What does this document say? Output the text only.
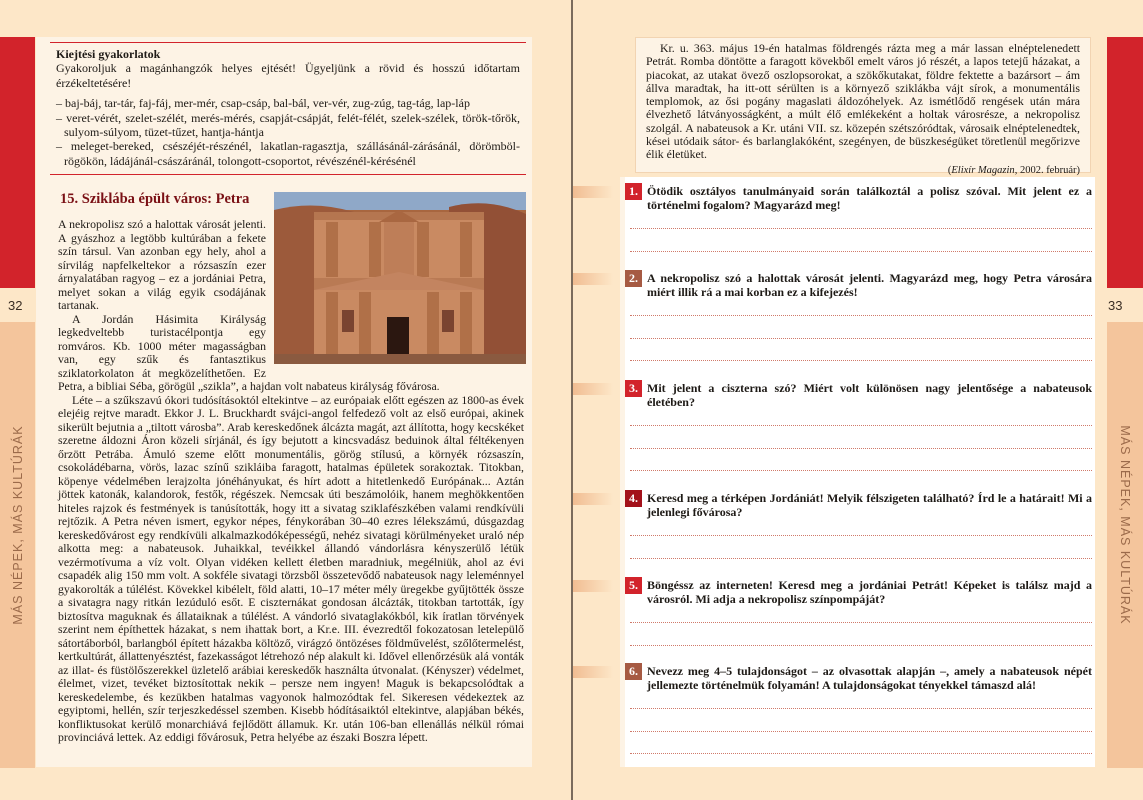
32
MÁS NÉPEK, MÁS KULTÚRÁK
Kiejtési gyakorlatok
Gyakoroljuk a magánhangzók helyes ejtését! Ügyeljünk a rövid és hosszú időtartam érzékeltetésére!
– baj-báj, tar-tár, faj-fáj, mer-mér, csap-csáp, bal-bál, ver-vér, zug-zúg, tag-tág, lap-láp
– veret-vérét, szelet-szélét, merés-mérés, csapját-csápját, felét-félét, szelek-szélek, török-tőrök, sulyom-súlyom, tüzet-tűzet, hantja-hántja
– meleget-bereked, csészéjét-részénél, lakatlan-ragasztja, szállásánál-zárásánál, dörömböl-rögökön, ládájánál-császáránál, tolongott-csoportot, révészénél-kérésénél
15. Sziklába épült város: Petra

A nekropolisz szó a halottak városát jelenti. A gyászhoz a legtöbb kultúrában a fekete szín társul. Van azonban egy hely, ahol a sírvilág napfelkeltekor a rózsaszín ezer árnyalatában ragyog – ez a jordániai Petra, melyet sokan a világ egyik csodájának tartanak.

A Jordán Hásimita Királyság legkedveltebb turistacélpontja egy romváros. Kb. 1000 méter magasságban van, egy szűk és fantasztikus sziklatorkolaton át megközelíthetően. Ez Petra, a bibliai Séba, görögül „szikla”, a hajdan volt nabateus királyság fővárosa.

Léte – a szűkszavú ókori tudósításoktól eltekintve – az európaiak előtt egészen az 1800-as évek elejéig rejtve maradt. Ekkor J. L. Bruckhardt svájci-angol felfedező volt az első európai, akinek sikerült bejutnia a „tiltott városba”. Arab kereskedőnek álcázta magát, azt állította, hogy kecskéket szeretne áldozni Áron közeli sírjánál, és így bejutott a kincsvadász beduinok által féltékenyen őrzött Petrába. Ámuló szeme előtt monumentális, görög stílusú, a környék rózsaszín, csokoládébarna, vörös, lazac színű szikláiba faragott, hatalmas épületek sorakoztak. Titokban, köpenye védelmében lerajzolta jónéhányukat, és hírt adott a hitetlenkedő Európának... Aztán jöttek katonák, kalandorok, festők, régészek. Nemcsak úti beszámolóik, hanem meghökkentően hiteles rajzok és festmények is tanúsították, hogy itt a sivatag sziklafészkében valami rendkívüli rejtőzik. A Petra néven ismert, egykor népes, fénykorában 30–40 ezres lélekszámú, dúsgazdag kereskedővárost egy rendkívüli alkalmazkodóképességű, nehéz sivatagi körülményeket uraló nép alkotta meg: a nabateusok. Juhaikkal, tevéikkel állandó vándorlásra kényszerülő létük vezérmotívuma a víz volt. Olyan vidéken kellett életben maradniuk, megélniük, ahol az évi csapadék alig 150 mm volt. A sokféle sivatagi törzsből összetevődő nabateusok nagy leleménnyel gyakorolták a túlélést. Kövekkel kibélelt, föld alatti, 10–17 méter mély üregekbe gyűjtötték össze a sivatagra nagy ritkán lezúduló esőt. E ciszternákat gondosan álcázták, titokban tartották, így biztosítva maguknak és állataiknak a túlélést. A vándorló sivataglakókból, kik íratlan törvények szerint nem építhettek házakat, s nem ihattak bort, a Kr.e. III. évezredtől fokozatosan letelepülő sátortáborból, barlangból épített házakba költöző, virágzó öntözéses földművelést, szőlőtermelést, kertkultúrát, állattenyésztést, fazekasságot létrehozó nép alakult ki. Idővel ellenőrzésük alá vonták az illat- és füstölőszerekkel üzletelő arábiai kereskedők használta útvonalat. (Kényszer) védelmet, élelmet, vizet, tevéket biztosítottak nekik – persze nem ingyen! Maguk is bekapcsolódtak a kereskedelembe, és kezükben hatalmas vagyonok halmozódtak fel. Sikeresen védekeztek az egyiptomi, hellén, szír terjeszkedéssel szemben. Kisebb hódításaiktól eltekintve, alapjában békés, konfliktusokat kerülő monarchiává fejlődött államuk. Kr. után 106-ban ellenállás nélkül római provinciává lettek. Az eddigi fővárosuk, Petra helyébe az északi Boszra lépett.

33
MÁS NÉPEK, MÁS KULTÚRÁK

Kr. u. 363. május 19-én hatalmas földrengés rázta meg a már lassan elnéptelenedett Petrát. Romba döntötte a faragott kövekből emelt város jó részét, a lapos tetejű házakat, a piacokat, az utakat övező oszlopsorokat, a szökőkutakat, földre fektette a bazársort – ám állva maradtak, ha itt-ott sérülten is a környező sziklákba vájt sírok, a monumentális templomok, az ősi pogány magaslati áldozóhelyek. Az ismétlődő rengések után mára élvezhető látványosságként, a múlt élő emlékeként a holtak városrésze, a nekropolisz szolgál. A nabateusok a Kr. utáni VII. sz. közepén szétszóródtak, városaik elnéptelenedtek, kései utódaik sátor- és barlanglakóként, szegényen, de büszkeségüket töretlenül megőrizve élik életüket.

(Elixír Magazin, 2002. február)
1. Ötödik osztályos tanulmányaid során találkoztál a polisz szóval. Mit jelent ez a történelmi fogalom? Magyarázd meg!
2. A nekropolisz szó a halottak városát jelenti. Magyarázd meg, hogy Petra városára miért illik rá a mai korban ez a kifejezés!
3. Mit jelent a ciszterna szó? Miért volt különösen nagy jelentősége a nabateusok életében?
4. Keresd meg a térképen Jordániát! Melyik félszigeten található? Írd le a határait! Mi a jelenlegi fővárosa?
5. Böngéssz az interneten! Keresd meg a jordániai Petrát! Képeket is találsz majd a városról. Mi adja a nekropolisz színpompáját?
6. Nevezz meg 4–5 tulajdonságot – az olvasottak alapján –, amely a nabateusok népét jellemezte történelmük folyamán! A tulajdonságokat tényekkel támaszd alá!
